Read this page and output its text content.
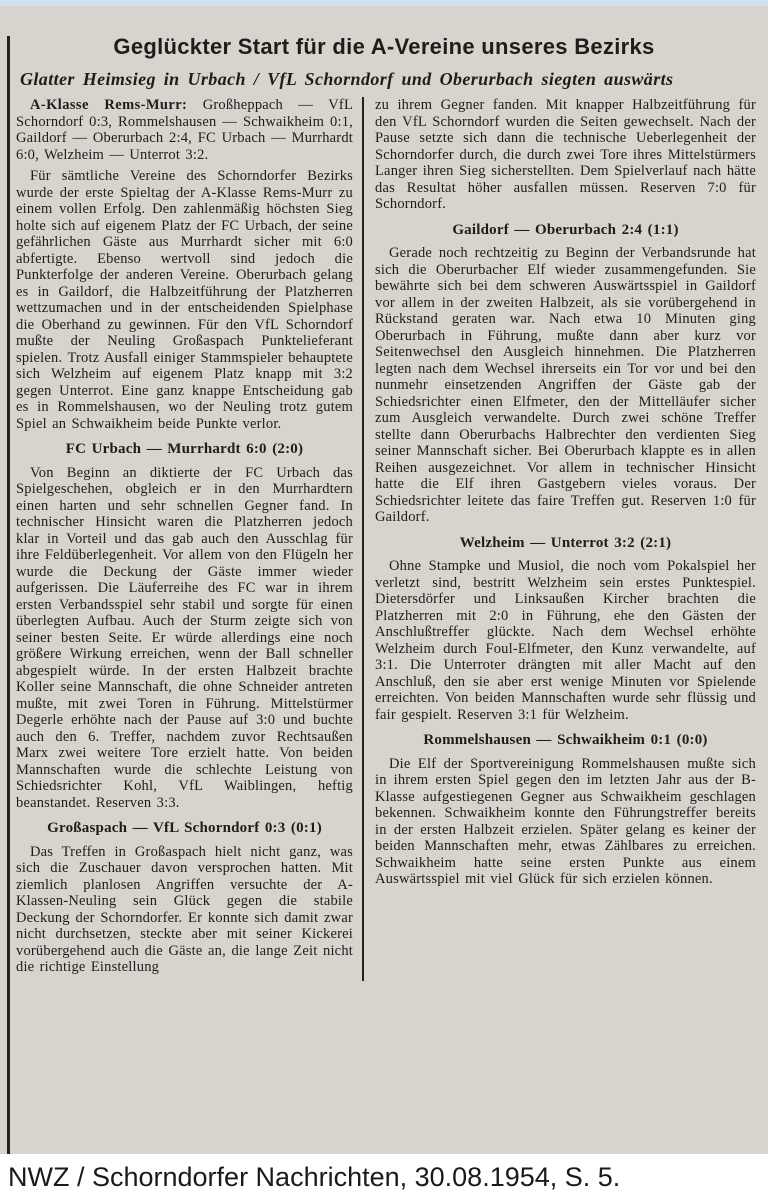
Geglückter Start für die A-Vereine unseres Bezirks
Glatter Heimsieg in Urbach / VfL Schorndorf und Oberurbach siegten auswärts

A-Klasse Rems-Murr: Großheppach — VfL Schorndorf 0:3, Rommelshausen — Schwaikheim 0:1, Gaildorf — Oberurbach 2:4, FC Urbach — Murrhardt 6:0, Welzheim — Unterrot 3:2.

Für sämtliche Vereine des Schorndorfer Bezirks wurde der erste Spieltag der A-Klasse Rems-Murr zu einem vollen Erfolg. Den zahlenmäßig höchsten Sieg holte sich auf eigenem Platz der FC Urbach, der seine gefährlichen Gäste aus Murrhardt sicher mit 6:0 abfertigte. Ebenso wertvoll sind jedoch die Punkterfolge der anderen Vereine. Oberurbach gelang es in Gaildorf, die Halbzeitführung der Platzherren wettzumachen und in der entscheidenden Spielphase die Oberhand zu gewinnen. Für den VfL Schorndorf mußte der Neuling Großaspach Punktelieferant spielen. Trotz Ausfall einiger Stammspieler behauptete sich Welzheim auf eigenem Platz knapp mit 3:2 gegen Unterrot. Eine ganz knappe Entscheidung gab es in Rommelshausen, wo der Neuling trotz gutem Spiel an Schwaikheim beide Punkte verlor.

FC Urbach — Murrhardt 6:0 (2:0)

Von Beginn an diktierte der FC Urbach das Spielgeschehen, obgleich er in den Murrhardtern einen harten und sehr schnellen Gegner fand. In technischer Hinsicht waren die Platzherren jedoch klar in Vorteil und das gab auch den Ausschlag für ihre Feldüberlegenheit. Vor allem von den Flügeln her wurde die Deckung der Gäste immer wieder aufgerissen. Die Läuferreihe des FC war in ihrem ersten Verbandsspiel sehr stabil und sorgte für einen überlegten Aufbau. Auch der Sturm zeigte sich von seiner besten Seite. Er würde allerdings eine noch größere Wirkung erreichen, wenn der Ball schneller abgespielt würde. In der ersten Halbzeit brachte Koller seine Mannschaft, die ohne Schneider antreten mußte, mit zwei Toren in Führung. Mittelstürmer Degerle erhöhte nach der Pause auf 3:0 und buchte auch den 6. Treffer, nachdem zuvor Rechtsaußen Marx zwei weitere Tore erzielt hatte. Von beiden Mannschaften wurde die schlechte Leistung von Schiedsrichter Kohl, VfL Waiblingen, heftig beanstandet. Reserven 3:3.

Großaspach — VfL Schorndorf 0:3 (0:1)

Das Treffen in Großaspach hielt nicht ganz, was sich die Zuschauer davon versprochen hatten. Mit ziemlich planlosen Angriffen versuchte der A-Klassen-Neuling sein Glück gegen die stabile Deckung der Schorndorfer. Er konnte sich damit zwar nicht durchsetzen, steckte aber mit seiner Kickerei vorübergehend auch die Gäste an, die lange Zeit nicht die richtige Einstellung

zu ihrem Gegner fanden. Mit knapper Halbzeitführung für den VfL Schorndorf wurden die Seiten gewechselt. Nach der Pause setzte sich dann die technische Ueberlegenheit der Schorndorfer durch, die durch zwei Tore ihres Mittelstürmers Langer ihren Sieg sicherstellten. Dem Spielverlauf nach hätte das Resultat höher ausfallen müssen. Reserven 7:0 für Schorndorf.

Gaildorf — Oberurbach 2:4 (1:1)

Gerade noch rechtzeitig zu Beginn der Verbandsrunde hat sich die Oberurbacher Elf wieder zusammengefunden. Sie bewährte sich bei dem schweren Auswärtsspiel in Gaildorf vor allem in der zweiten Halbzeit, als sie vorübergehend in Rückstand geraten war. Nach etwa 10 Minuten ging Oberurbach in Führung, mußte dann aber kurz vor Seitenwechsel den Ausgleich hinnehmen. Die Platzherren legten nach dem Wechsel ihrerseits ein Tor vor und bei den nunmehr einsetzenden Angriffen der Gäste gab der Schiedsrichter einen Elfmeter, den der Mittelläufer sicher zum Ausgleich verwandelte. Durch zwei schöne Treffer stellte dann Oberurbachs Halbrechter den verdienten Sieg seiner Mannschaft sicher. Bei Oberurbach klappte es in allen Reihen ausgezeichnet. Vor allem in technischer Hinsicht hatte die Elf ihren Gastgebern vieles voraus. Der Schiedsrichter leitete das faire Treffen gut. Reserven 1:0 für Gaildorf.

Welzheim — Unterrot 3:2 (2:1)

Ohne Stampke und Musiol, die noch vom Pokalspiel her verletzt sind, bestritt Welzheim sein erstes Punktespiel. Dietersdörfer und Linksaußen Kircher brachten die Platzherren mit 2:0 in Führung, ehe den Gästen der Anschlußtreffer glückte. Nach dem Wechsel erhöhte Welzheim durch Foul-Elfmeter, den Kunz verwandelte, auf 3:1. Die Unterroter drängten mit aller Macht auf den Anschluß, den sie aber erst wenige Minuten vor Spielende erreichten. Von beiden Mannschaften wurde sehr flüssig und fair gespielt. Reserven 3:1 für Welzheim.

Rommelshausen — Schwaikheim 0:1 (0:0)

Die Elf der Sportvereinigung Rommelshausen mußte sich in ihrem ersten Spiel gegen den im letzten Jahr aus der B-Klasse aufgestiegenen Gegner aus Schwaikheim geschlagen bekennen. Schwaikheim konnte den Führungstreffer bereits in der ersten Halbzeit erzielen. Später gelang es keiner der beiden Mannschaften mehr, etwas Zählbares zu erreichen. Schwaikheim hatte seine ersten Punkte aus einem Auswärtsspiel mit viel Glück für sich erzielen können.

NWZ / Schorndorfer Nachrichten, 30.08.1954, S. 5.
